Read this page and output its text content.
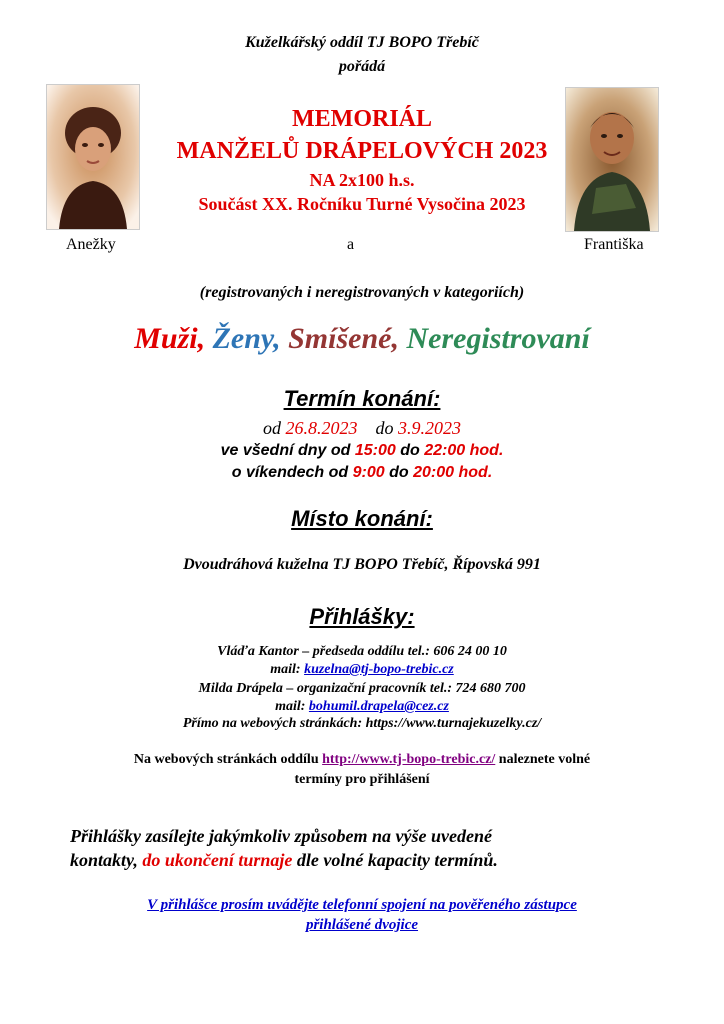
Kuželkářský oddíl TJ BOPO Třebíč
pořádá
MEMORIÁL
MANŽELŮ DRÁPELOVÝCH 2023
NA 2x100 h.s.
Součást XX. Ročníku Turné Vysočina 2023
Anežky	a	Františka
(registrovaných i neregistrovaných v kategoriích)
Muži, Ženy, Smíšené, Neregistrovaní
Termín konání:
od 26.8.2023 do 3.9.2023
ve všední dny od 15:00 do 22:00 hod.
o víkendech od 9:00 do 20:00 hod.
Místo konání:
Dvoudráhová kuželna TJ BOPO Třebíč, Řípovská 991
Přihlášky:
Vláďa Kantor – předseda oddílu tel.: 606 24 00 10
mail: kuzelna@tj-bopo-trebic.cz
Milda Drápela – organizační pracovník tel.: 724 680 700
mail: bohumil.drapela@cez.cz
Přímo na webových stránkách: https://www.turnajekuzelky.cz/
Na webových stránkách oddílu http://www.tj-bopo-trebic.cz/ naleznete volné
termíny pro přihlášení
Přihlášky zasílejte jakýmkoliv způsobem na výše uvedené
kontakty, do ukončení turnaje dle volné kapacity termínů.
V přihlášce prosím uvádějte telefonní spojení na pověřeného zástupce
přihlášené dvojice
